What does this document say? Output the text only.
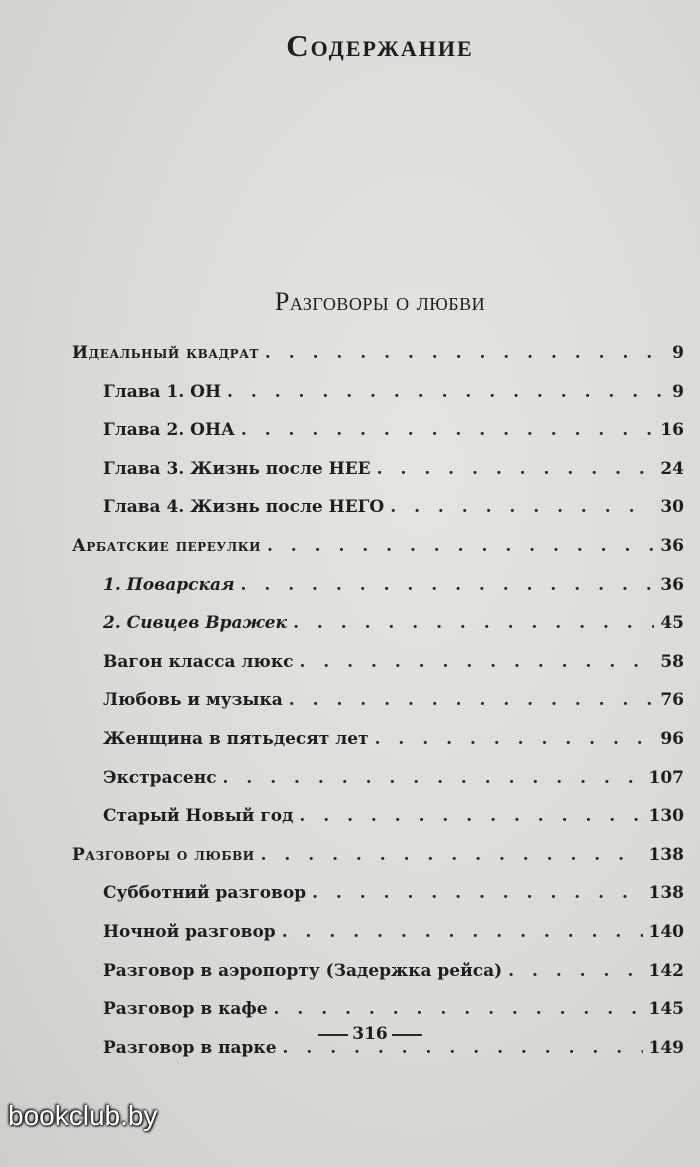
Содержание
Разговоры о любви
Идеальный квадрат . . .	9
Глава 1. ОН . . .	9
Глава 2. ОНА . . .	16
Глава 3. Жизнь после НЕЕ . . .	24
Глава 4. Жизнь после НЕГО . . .	30
Арбатские переулки . . .	36
1. Поварская . . .	36
2. Сивцев Вражек . . .	45
Вагон класса люкс . . .	58
Любовь и музыка . . .	76
Женщина в пятьдесят лет . . .	96
Экстрасенс . . .	107
Старый Новый год . . .	130
Разговоры о любви . . .	138
Субботний разговор . . .	138
Ночной разговор . . .	140
Разговор в аэропорту (Задержка рейса) . . .	142
Разговор в кафе . . .	145
Разговор в парке . . .	149
316
bookclub.by
